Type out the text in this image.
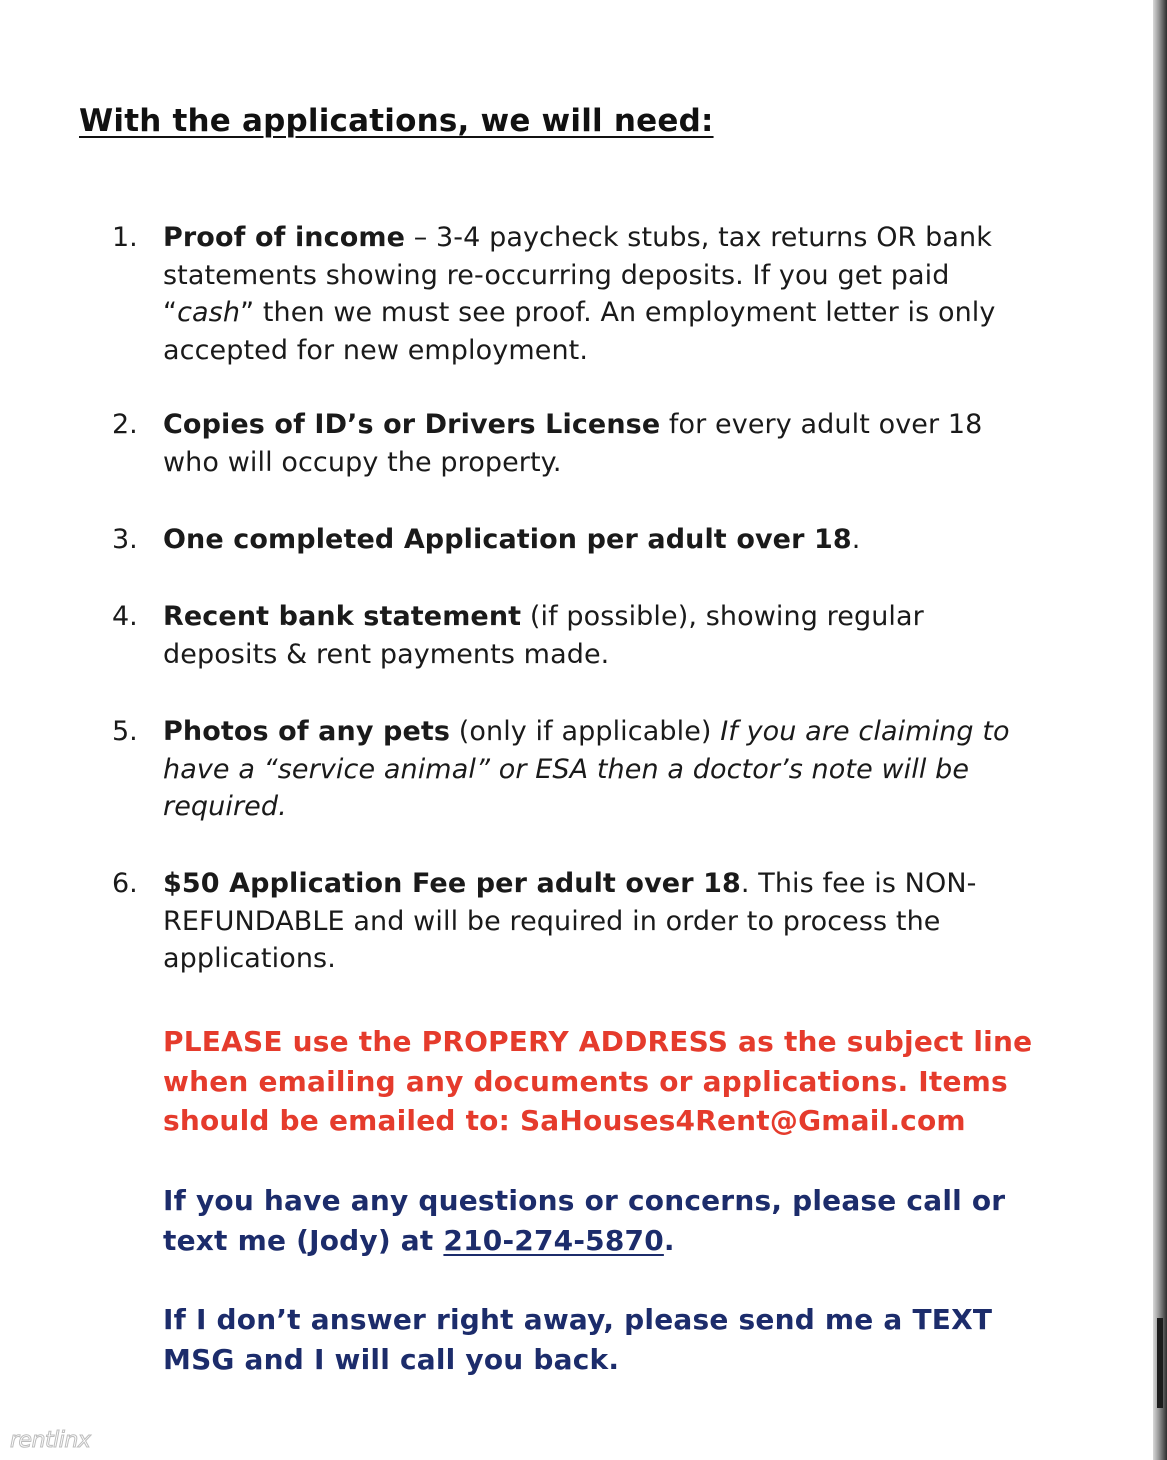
With the applications, we will need:
1. Proof of income – 3-4 paycheck stubs, tax returns OR bank statements showing re-occurring deposits. If you get paid “cash” then we must see proof. An employment letter is only accepted for new employment.
2. Copies of ID’s or Drivers License for every adult over 18 who will occupy the property.
3. One completed Application per adult over 18.
4. Recent bank statement (if possible), showing regular deposits & rent payments made.
5. Photos of any pets (only if applicable) If you are claiming to have a “service animal” or ESA then a doctor’s note will be required.
6. $50 Application Fee per adult over 18. This fee is NON-REFUNDABLE and will be required in order to process the applications.

PLEASE use the PROPERY ADDRESS as the subject line when emailing any documents or applications. Items should be emailed to: SaHouses4Rent@Gmail.com

If you have any questions or concerns, please call or text me (Jody) at 210-274-5870.

If I don’t answer right away, please send me a TEXT MSG and I will call you back.

rentlinx
